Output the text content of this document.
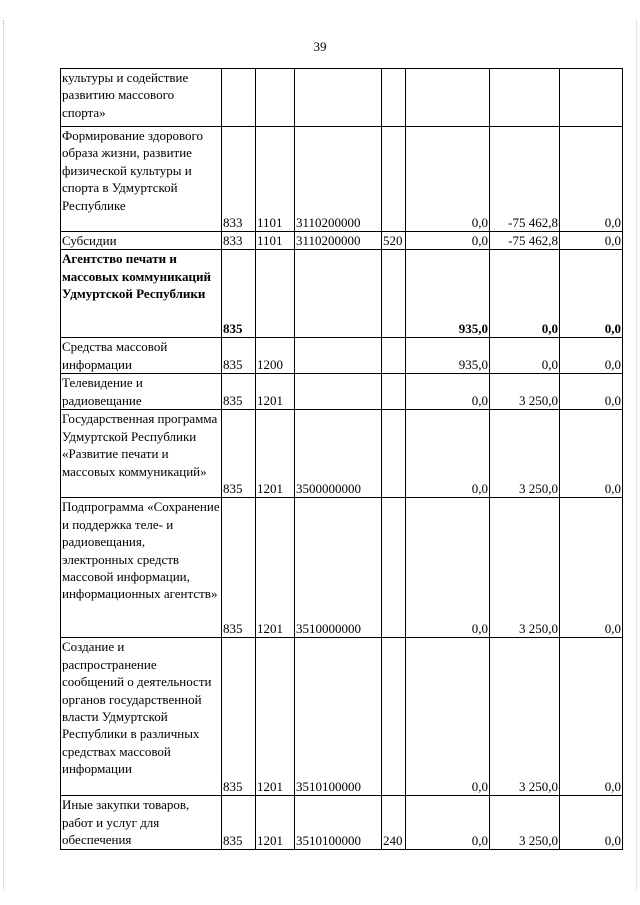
39
культуры и содействие развитию массового спорта»							
Формирование здорового образа жизни, развитие физической культуры и спорта в Удмуртской Республике	833	1101	3110200000		0,0	-75 462,8	0,0
Субсидии	833	1101	3110200000	520	0,0	-75 462,8	0,0
Агентство печати и массовых коммуникаций Удмуртской Республики	835				935,0	0,0	0,0
Средства массовой информации	835	1200			935,0	0,0	0,0
Телевидение и радиовещание	835	1201			0,0	3 250,0	0,0
Государственная программа Удмуртской Республики «Развитие печати и массовых коммуникаций»	835	1201	3500000000		0,0	3 250,0	0,0
Подпрограмма «Сохранение и поддержка теле- и радиовещания, электронных средств массовой информации, информационных агентств»	835	1201	3510000000		0,0	3 250,0	0,0
Создание и распространение сообщений о деятельности органов государственной власти Удмуртской Республики в различных средствах массовой информации	835	1201	3510100000		0,0	3 250,0	0,0
Иные закупки товаров, работ и услуг для обеспечения	835	1201	3510100000	240	0,0	3 250,0	0,0
